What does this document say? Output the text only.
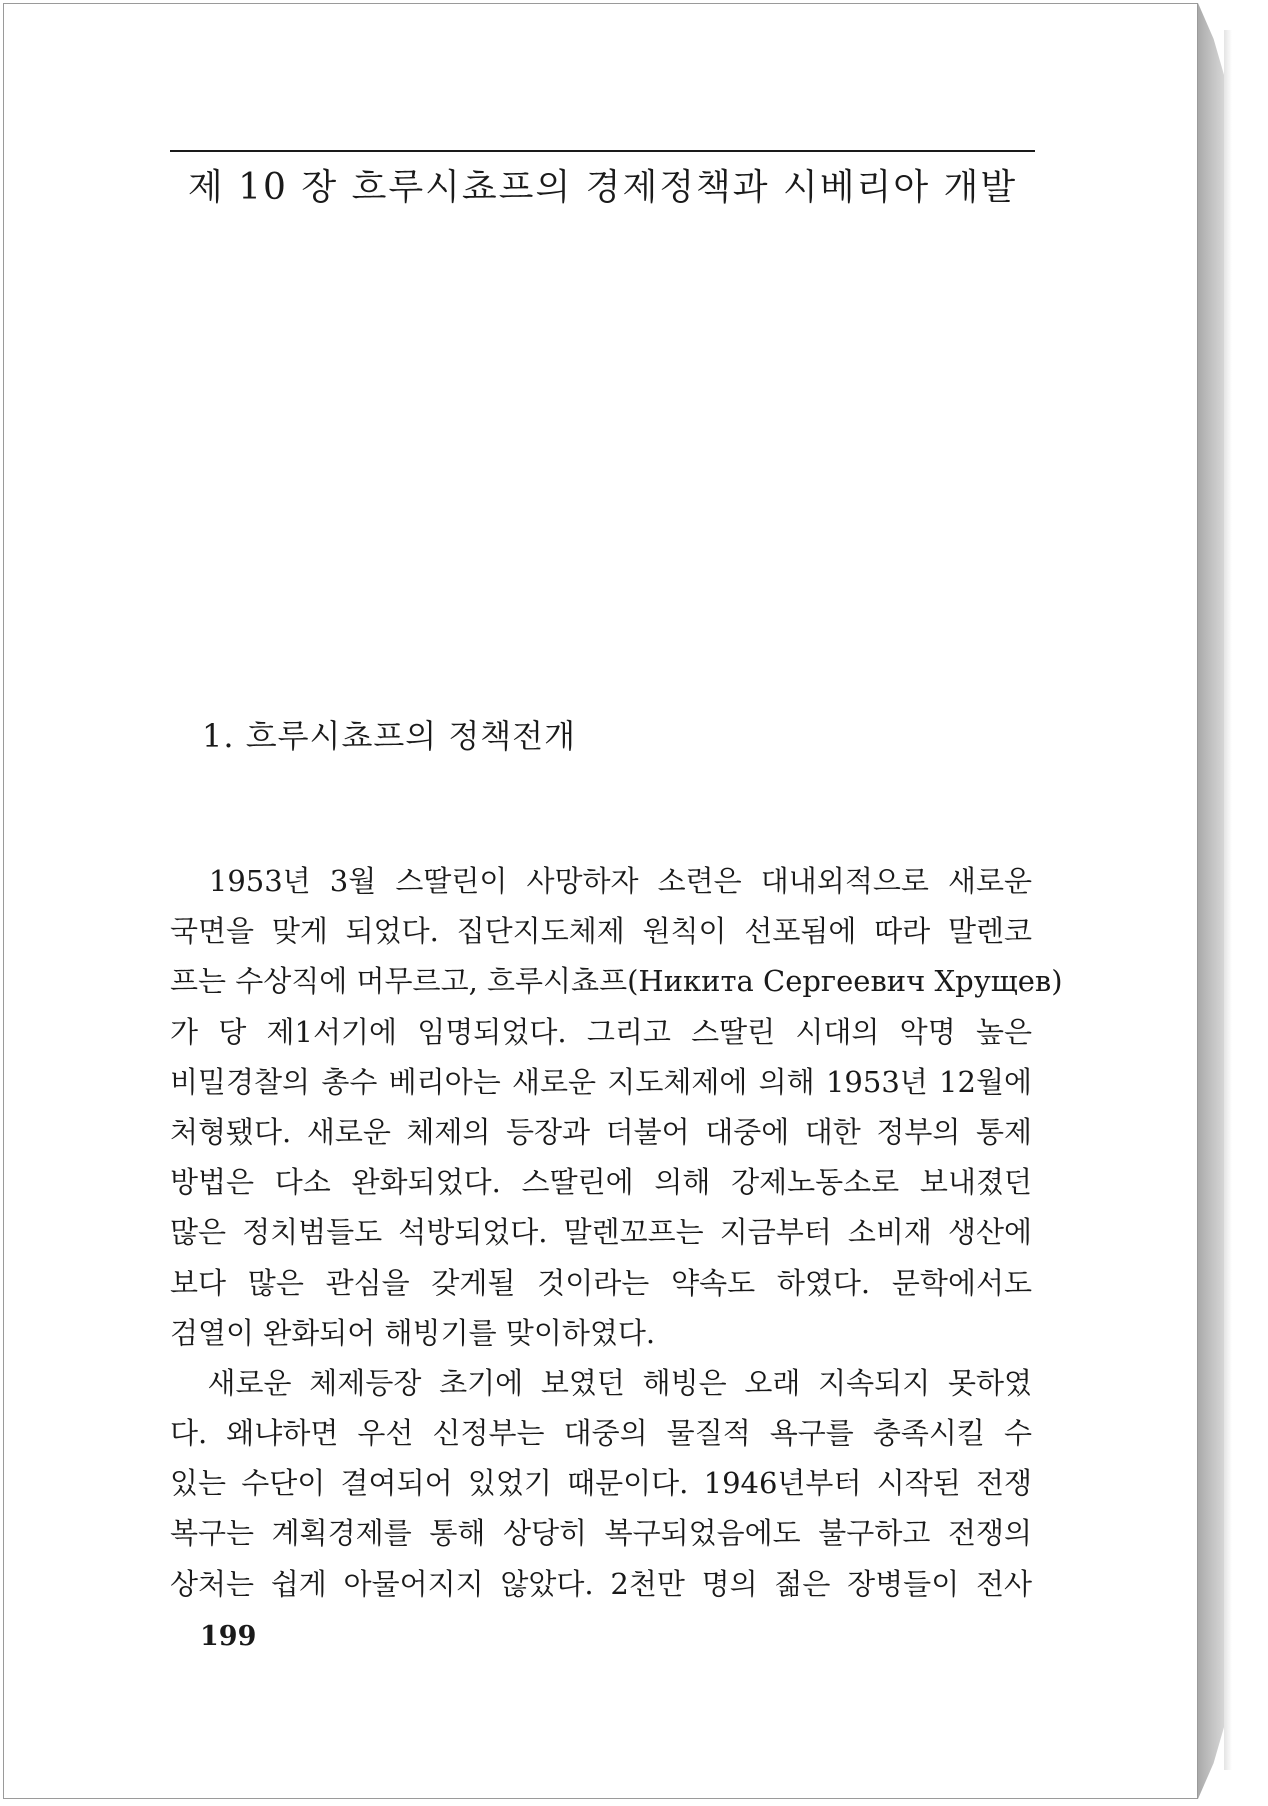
제 10 장 흐루시쵸프의 경제정책과 시베리아 개발
1. 흐루시쵸프의 정책전개
　1953년 3월 스딸린이 사망하자 소련은 대내외적으로 새로운
국면을 맞게 되었다. 집단지도체제 원칙이 선포됨에 따라 말렌코
프는 수상직에 머무르고, 흐루시쵸프(Никита Сергеевич Хрущев)
가 당 제1서기에 임명되었다. 그리고 스딸린 시대의 악명 높은
비밀경찰의 총수 베리아는 새로운 지도체제에 의해 1953년 12월에
처형됐다. 새로운 체제의 등장과 더불어 대중에 대한 정부의 통제
방법은 다소 완화되었다. 스딸린에 의해 강제노동소로 보내졌던
많은 정치범들도 석방되었다. 말렌꼬프는 지금부터 소비재 생산에
보다 많은 관심을 갖게될 것이라는 약속도 하였다. 문학에서도
검열이 완화되어 해빙기를 맞이하였다.
　새로운 체제등장 초기에 보였던 해빙은 오래 지속되지 못하였
다. 왜냐하면 우선 신정부는 대중의 물질적 욕구를 충족시킬 수
있는 수단이 결여되어 있었기 때문이다. 1946년부터 시작된 전쟁
복구는 계획경제를 통해 상당히 복구되었음에도 불구하고 전쟁의
상처는 쉽게 아물어지지 않았다. 2천만 명의 젊은 장병들이 전사
199
